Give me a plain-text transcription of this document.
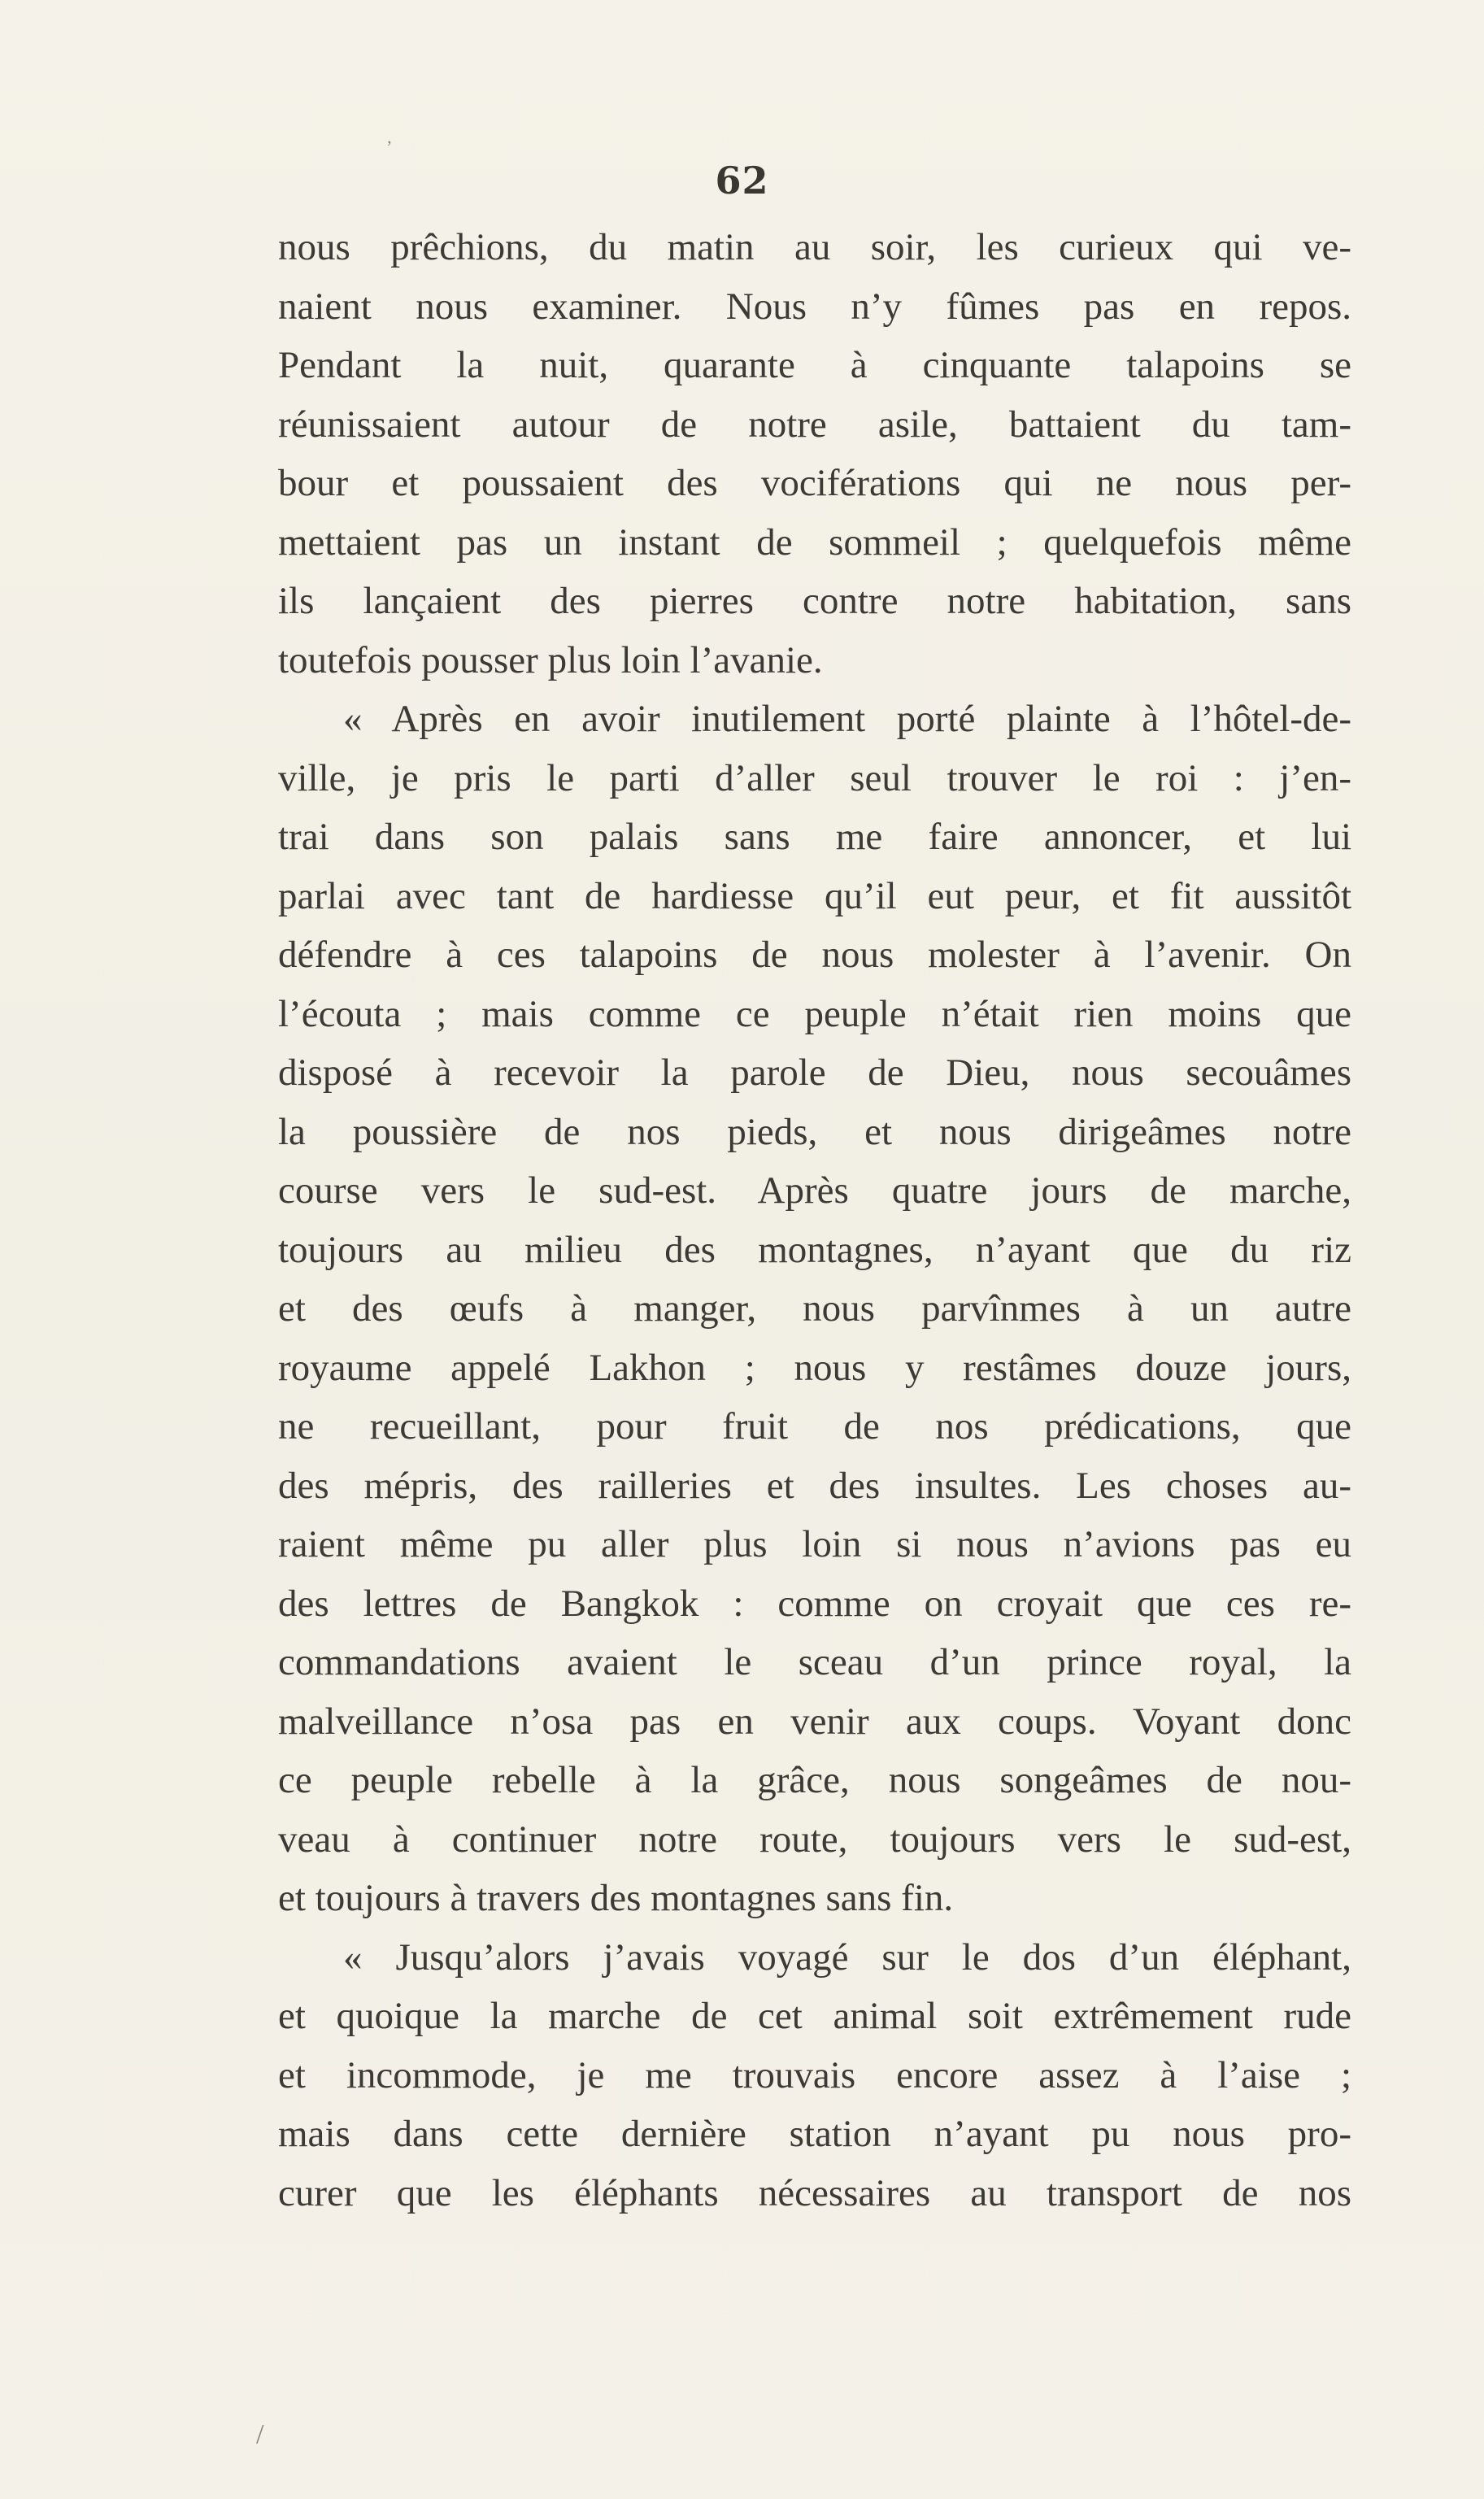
’
62
nous prêchions, du matin au soir, les curieux qui ve-
naient nous examiner. Nous n’y fûmes pas en repos.
Pendant la nuit, quarante à cinquante talapoins se
réunissaient autour de notre asile, battaient du tam-
bour et poussaient des vociférations qui ne nous per-
mettaient pas un instant de sommeil ; quelquefois même
ils lançaient des pierres contre notre habitation, sans
toutefois pousser plus loin l’avanie.
« Après en avoir inutilement porté plainte à l’hôtel-de-
ville, je pris le parti d’aller seul trouver le roi : j’en-
trai dans son palais sans me faire annoncer, et lui
parlai avec tant de hardiesse qu’il eut peur, et fit aussitôt
défendre à ces talapoins de nous molester à l’avenir. On
l’écouta ; mais comme ce peuple n’était rien moins que
disposé à recevoir la parole de Dieu, nous secouâmes
la poussière de nos pieds, et nous dirigeâmes notre
course vers le sud-est. Après quatre jours de marche,
toujours au milieu des montagnes, n’ayant que du riz
et des œufs à manger, nous parvînmes à un autre
royaume appelé Lakhon ; nous y restâmes douze jours,
ne recueillant, pour fruit de nos prédications, que
des mépris, des railleries et des insultes. Les choses au-
raient même pu aller plus loin si nous n’avions pas eu
des lettres de Bangkok : comme on croyait que ces re-
commandations avaient le sceau d’un prince royal, la
malveillance n’osa pas en venir aux coups. Voyant donc
ce peuple rebelle à la grâce, nous songeâmes de nou-
veau à continuer notre route, toujours vers le sud-est,
et toujours à travers des montagnes sans fin.
« Jusqu’alors j’avais voyagé sur le dos d’un éléphant,
et quoique la marche de cet animal soit extrêmement rude
et incommode, je me trouvais encore assez à l’aise ;
mais dans cette dernière station n’ayant pu nous pro-
curer que les éléphants nécessaires au transport de nos
/
